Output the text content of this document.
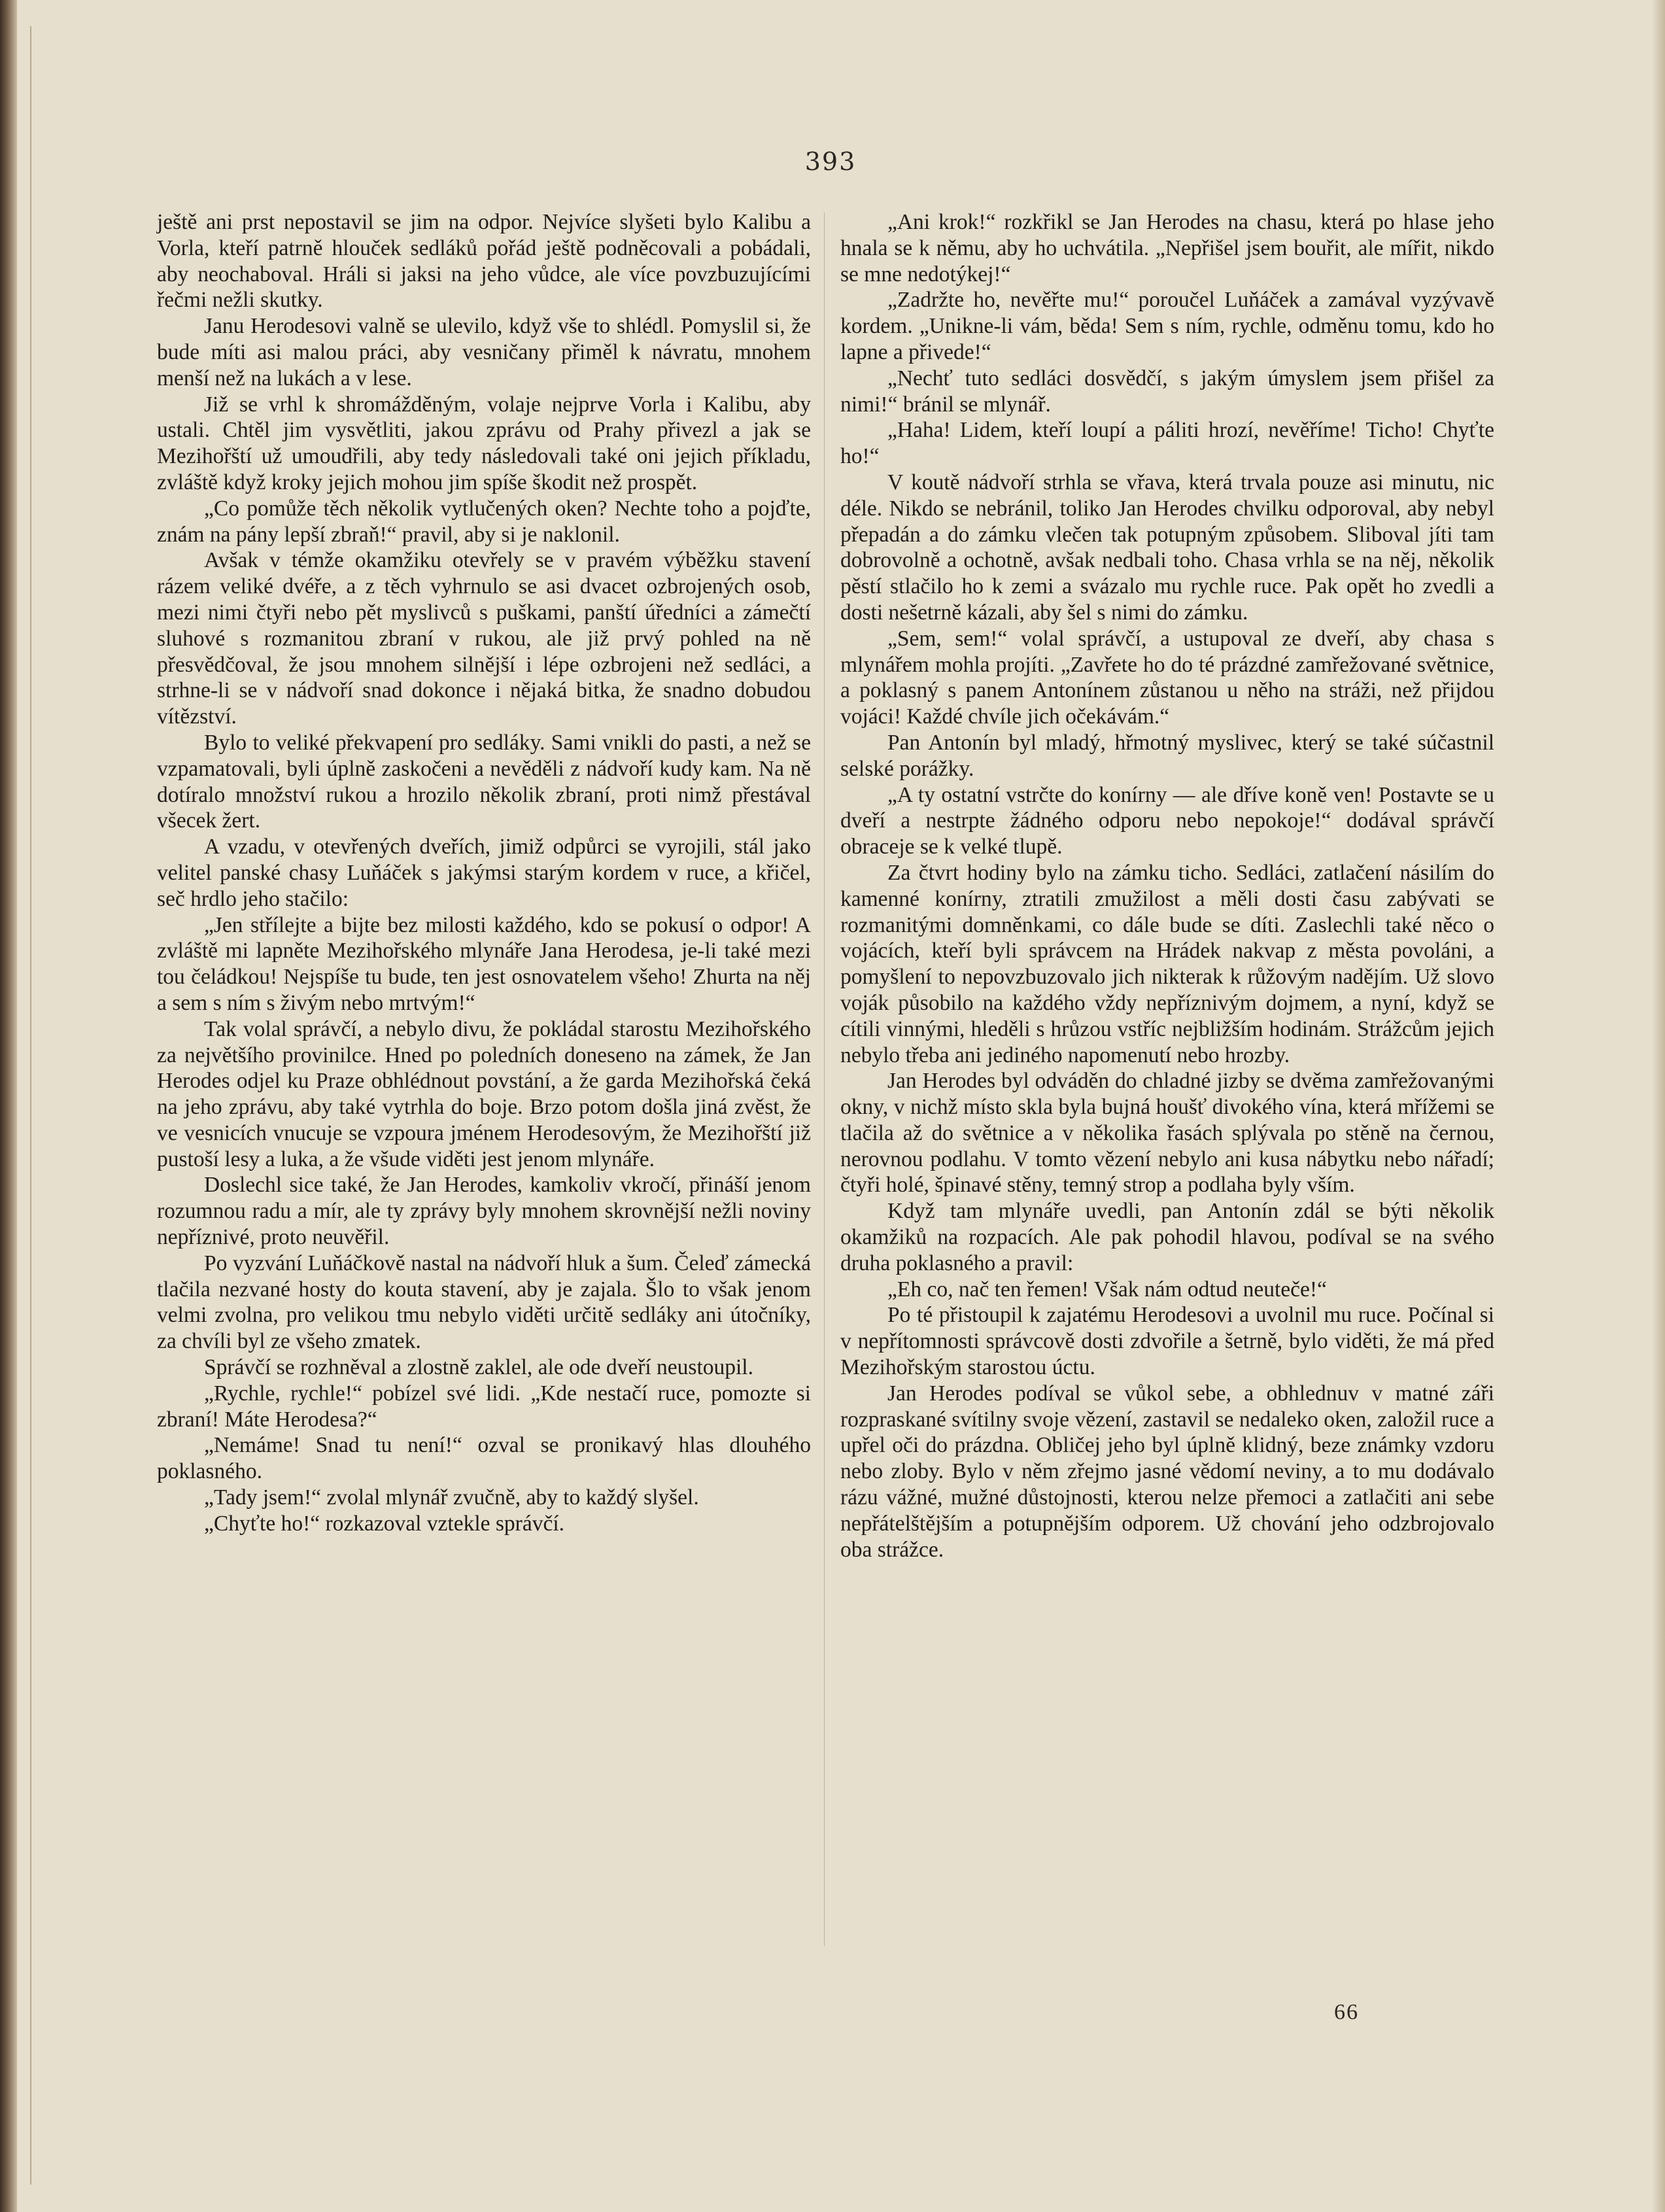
393

ještě ani prst nepostavil se jim na odpor. Nejvíce slyšeti bylo Kalibu a Vorla, kteří patrně hlouček sedláků pořád ještě podněcovali a pobádali, aby neochaboval. Hráli si jaksi na jeho vůdce, ale více povzbuzujícími řečmi nežli skutky.

Janu Herodesovi valně se ulevilo, když vše to shlédl. Pomyslil si, že bude míti asi malou práci, aby vesničany přiměl k návratu, mnohem menší než na lukách a v lese.

Již se vrhl k shromážděným, volaje nejprve Vorla i Kalibu, aby ustali. Chtěl jim vysvětliti, jakou zprávu od Prahy přivezl a jak se Mezihořští už umoudřili, aby tedy následovali také oni jejich příkladu, zvláště když kroky jejich mohou jim spíše škodit než prospět.

„Co pomůže těch několik vytlučených oken? Nechte toho a pojďte, znám na pány lepší zbraň!“ pravil, aby si je naklonil.

Avšak v témže okamžiku otevřely se v pravém výběžku stavení rázem veliké dvéře, a z těch vyhrnulo se asi dvacet ozbrojených osob, mezi nimi čtyři nebo pět myslivců s puškami, panští úředníci a zámečtí sluhové s rozmanitou zbraní v rukou, ale již prvý pohled na ně přesvědčoval, že jsou mnohem silnější i lépe ozbrojeni než sedláci, a strhne-li se v nádvoří snad dokonce i nějaká bitka, že snadno dobudou vítězství.

Bylo to veliké překvapení pro sedláky. Sami vnikli do pasti, a než se vzpamatovali, byli úplně zaskočeni a nevěděli z nádvoří kudy kam. Na ně dotíralo množství rukou a hrozilo několik zbraní, proti nimž přestával všecek žert.

A vzadu, v otevřených dveřích, jimiž odpůrci se vyrojili, stál jako velitel panské chasy Luňáček s jakýmsi starým kordem v ruce, a křičel, seč hrdlo jeho stačilo:

„Jen střílejte a bijte bez milosti každého, kdo se pokusí o odpor! A zvláště mi lapněte Mezihořského mlynáře Jana Herodesa, je-li také mezi tou čeládkou! Nejspíše tu bude, ten jest osnovatelem všeho! Zhurta na něj a sem s ním s živým nebo mrtvým!“

Tak volal správčí, a nebylo divu, že pokládal starostu Mezihořského za největšího provinilce. Hned po poledních doneseno na zámek, že Jan Herodes odjel ku Praze obhlédnout povstání, a že garda Mezihořská čeká na jeho zprávu, aby také vytrhla do boje. Brzo potom došla jiná zvěst, že ve vesnicích vnucuje se vzpoura jménem Herodesovým, že Mezihořští již pustoší lesy a luka, a že všude viděti jest jenom mlynáře.

Doslechl sice také, že Jan Herodes, kamkoliv vkročí, přináší jenom rozumnou radu a mír, ale ty zprávy byly mnohem skrovnější nežli noviny nepříznivé, proto neuvěřil.

Po vyzvání Luňáčkově nastal na nádvoří hluk a šum. Čeleď zámecká tlačila nezvané hosty do kouta stavení, aby je zajala. Šlo to však jenom velmi zvolna, pro velikou tmu nebylo viděti určitě sedláky ani útočníky, za chvíli byl ze všeho zmatek.

Správčí se rozhněval a zlostně zaklel, ale ode dveří neustoupil.

„Rychle, rychle!“ pobízel své lidi. „Kde nestačí ruce, pomozte si zbraní! Máte Herodesa?“

„Nemáme! Snad tu není!“ ozval se pronikavý hlas dlouhého poklasného.

„Tady jsem!“ zvolal mlynář zvučně, aby to každý slyšel.

„Chyťte ho!“ rozkazoval vztekle správčí.

„Ani krok!“ rozkřikl se Jan Herodes na chasu, která po hlase jeho hnala se k němu, aby ho uchvátila. „Nepřišel jsem bouřit, ale mířit, nikdo se mne nedotýkej!“

„Zadržte ho, nevěřte mu!“ poroučel Luňáček a zamával vyzývavě kordem. „Unikne-li vám, běda! Sem s ním, rychle, odměnu tomu, kdo ho lapne a přivede!“

„Nechť tuto sedláci dosvědčí, s jakým úmyslem jsem přišel za nimi!“ bránil se mlynář.

„Haha! Lidem, kteří loupí a páliti hrozí, nevěříme! Ticho! Chyťte ho!“

V koutě nádvoří strhla se vřava, která trvala pouze asi minutu, nic déle. Nikdo se nebránil, toliko Jan Herodes chvilku odporoval, aby nebyl přepadán a do zámku vlečen tak potupným způsobem. Sliboval jíti tam dobrovolně a ochotně, avšak nedbali toho. Chasa vrhla se na něj, několik pěstí stlačilo ho k zemi a svázalo mu rychle ruce. Pak opět ho zvedli a dosti nešetrně kázali, aby šel s nimi do zámku.

„Sem, sem!“ volal správčí, a ustupoval ze dveří, aby chasa s mlynářem mohla projíti. „Zavřete ho do té prázdné zamřežované světnice, a poklasný s panem Antonínem zůstanou u něho na stráži, než přijdou vojáci! Každé chvíle jich očekávám.“

Pan Antonín byl mladý, hřmotný myslivec, který se také súčastnil selské porážky.

„A ty ostatní vstrčte do konírny — ale dříve koně ven! Postavte se u dveří a nestrpte žádného odporu nebo nepokoje!“ dodával správčí obraceje se k velké tlupě.

Za čtvrt hodiny bylo na zámku ticho. Sedláci, zatlačení násilím do kamenné konírny, ztratili zmužilost a měli dosti času zabývati se rozmanitými domněnkami, co dále bude se díti. Zaslechli také něco o vojácích, kteří byli správcem na Hrádek nakvap z města povoláni, a pomyšlení to nepovzbuzovalo jich nikterak k růžovým nadějím. Už slovo voják působilo na každého vždy nepříznivým dojmem, a nyní, když se cítili vinnými, hleděli s hrůzou vstříc nejbližším hodinám. Strážcům jejich nebylo třeba ani jediného napomenutí nebo hrozby.

Jan Herodes byl odváděn do chladné jizby se dvěma zamřežovanými okny, v nichž místo skla byla bujná houšť divokého vína, která mřížemi se tlačila až do světnice a v několika řasách splývala po stěně na černou, nerovnou podlahu. V tomto vězení nebylo ani kusa nábytku nebo nářadí; čtyři holé, špinavé stěny, temný strop a podlaha byly vším.

Když tam mlynáře uvedli, pan Antonín zdál se býti několik okamžiků na rozpacích. Ale pak pohodil hlavou, podíval se na svého druha poklasného a pravil:

„Eh co, nač ten řemen! Však nám odtud neuteče!“

Po té přistoupil k zajatému Herodesovi a uvolnil mu ruce. Počínal si v nepřítomnosti správcově dosti zdvořile a šetrně, bylo viděti, že má před Mezihořským starostou úctu.

Jan Herodes podíval se vůkol sebe, a obhlednuv v matné záři rozpraskané svítilny svoje vězení, zastavil se nedaleko oken, založil ruce a upřel oči do prázdna. Obličej jeho byl úplně klidný, beze známky vzdoru nebo zloby. Bylo v něm zřejmo jasné vědomí neviny, a to mu dodávalo rázu vážné, mužné důstojnosti, kterou nelze přemoci a zatlačiti ani sebe nepřátelštějším a potupnějším odporem. Už chování jeho odzbrojovalo oba strážce.

66
